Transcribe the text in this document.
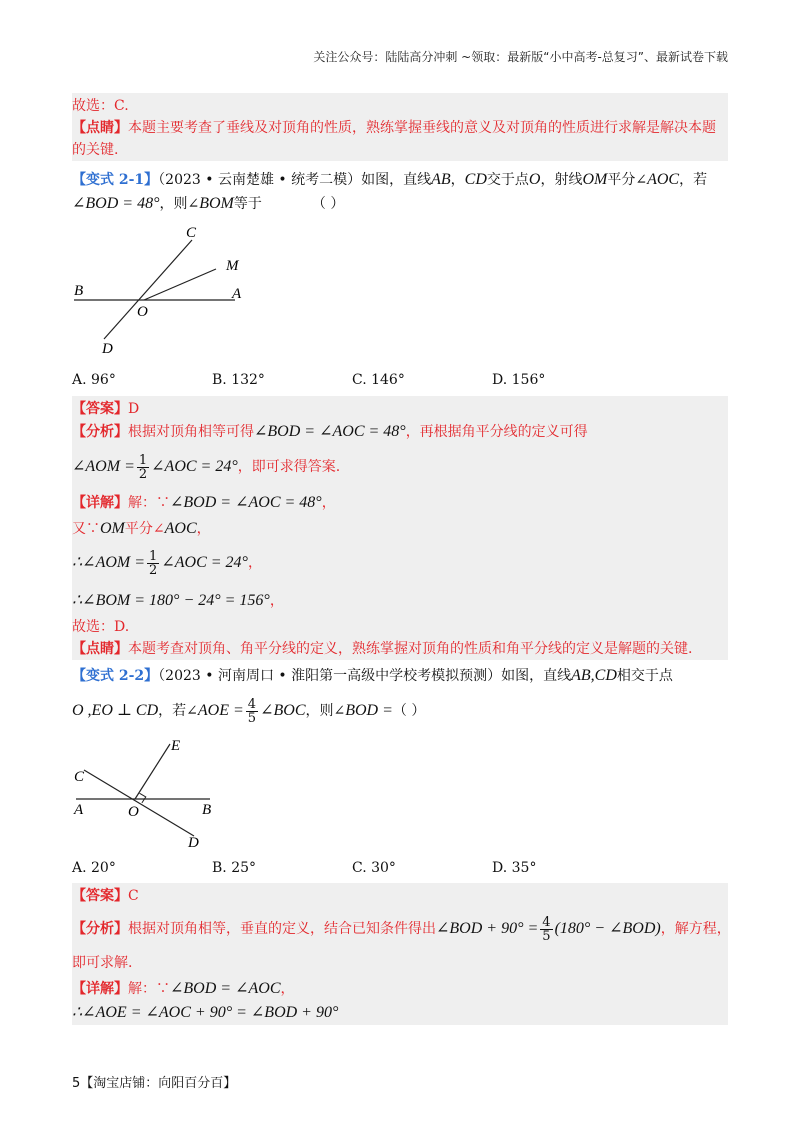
关注公众号：陆陆高分冲刺 ~领取：最新版“小中高考-总复习”、最新试卷下载
故选：C.
【点睛】本题主要考查了垂线及对顶角的性质，熟练掌握垂线的意义及对顶角的性质进行求解是解决本题
的关键.
【变式 2-1】（2023 • 云南楚雄 • 统考二模）如图，直线AB，CD交于点O，射线OM平分∠AOC，若
∠BOD = 48°，则∠BOM等于	（ ）
C
M
B	A
O
D
A. 96°	B. 132°	C. 146°	D. 156°
【答案】D
【分析】根据对顶角相等可得∠BOD = ∠AOC = 48°，再根据角平分线的定义可得
∠AOM = $\frac{1}{2}$ ∠AOC = 24°，即可求得答案.
【详解】解：∵∠BOD = ∠AOC = 48°，
又∵OM平分∠AOC，
∴∠AOM = $\frac{1}{2}$ ∠AOC = 24°，
∴∠BOM = 180° − 24° = 156°，
故选：D.
【点睛】本题考查对顶角、角平分线的定义，熟练掌握对顶角的性质和角平分线的定义是解题的关键.
【变式 2-2】（2023 • 河南周口 • 淮阳第一高级中学校考模拟预测）如图，直线AB,CD相交于点
O ,EO ⊥ CD，若∠AOE = $\frac{4}{5}$ ∠BOC，则∠BOD =（ ）
E
C
A	O	B
D
A. 20°	B. 25°	C. 30°	D. 35°
【答案】C
【分析】根据对顶角相等，垂直的定义，结合已知条件得出∠BOD + $90^\circ = \frac{4}{5} (180^\circ$ − ∠BOD)，解方程，
即可求解.
【详解】解：∵∠BOD = ∠AOC，
∴∠AOE = ∠AOC + 90° = ∠BOD + 90°
5【淘宝店铺：向阳百分百】
